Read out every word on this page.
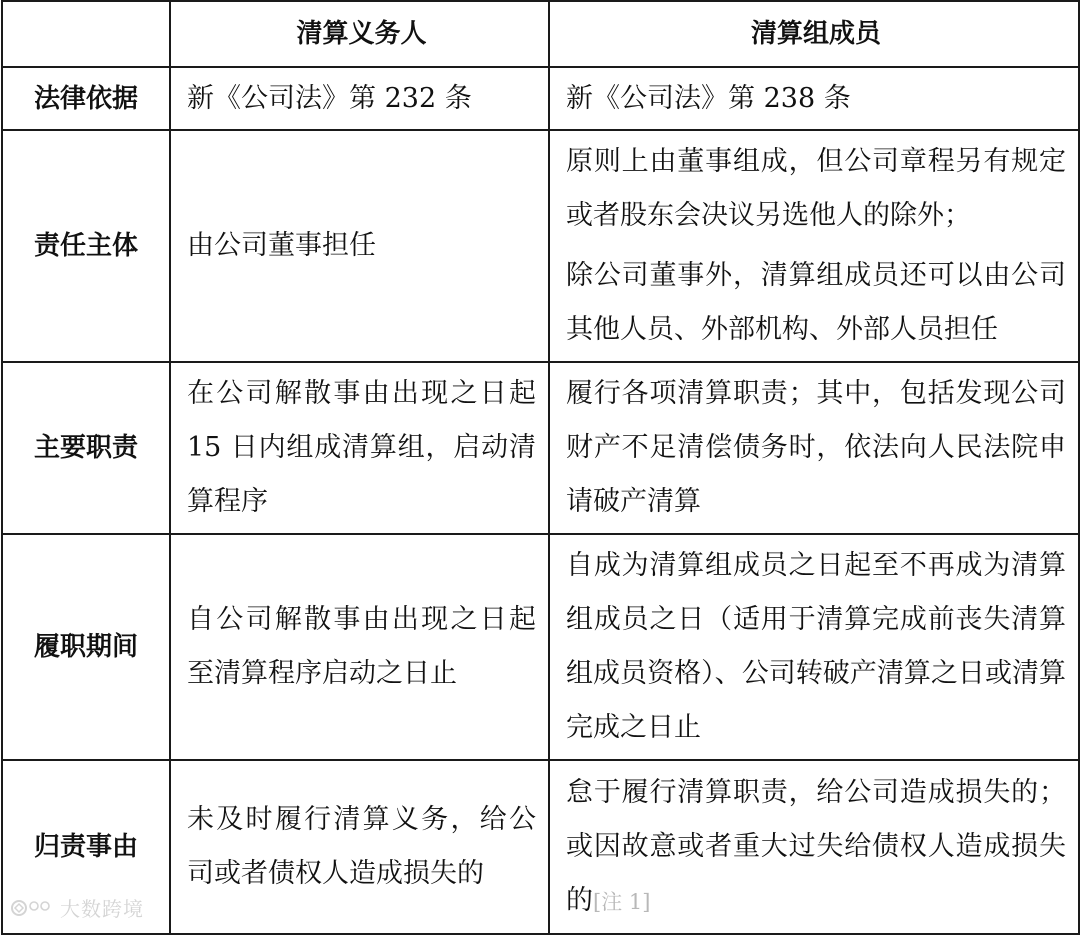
	清算义务人	清算组成员
法律依据	新《公司法》第 232 条	新《公司法》第 238 条

责任主体	由公司董事担任	原则上由董事组成，但公司章程另有规定或者股东会决议另选他人的除外；
除公司董事外，清算组成员还可以由公司其他人员、外部机构、外部人员担任

主要职责	在公司解散事由出现之日起 15 日内组成清算组，启动清算程序	履行各项清算职责；其中，包括发现公司财产不足清偿债务时，依法向人民法院申请破产清算

履职期间	自公司解散事由出现之日起至清算程序启动之日止	自成为清算组成员之日起至不再成为清算组成员之日（适用于清算完成前丧失清算组成员资格）、公司转破产清算之日或清算完成之日止

归责事由	未及时履行清算义务，给公司或者债权人造成损失的	怠于履行清算职责，给公司造成损失的；或因故意或者重大过失给债权人造成损失的[注 1]
大数跨境
